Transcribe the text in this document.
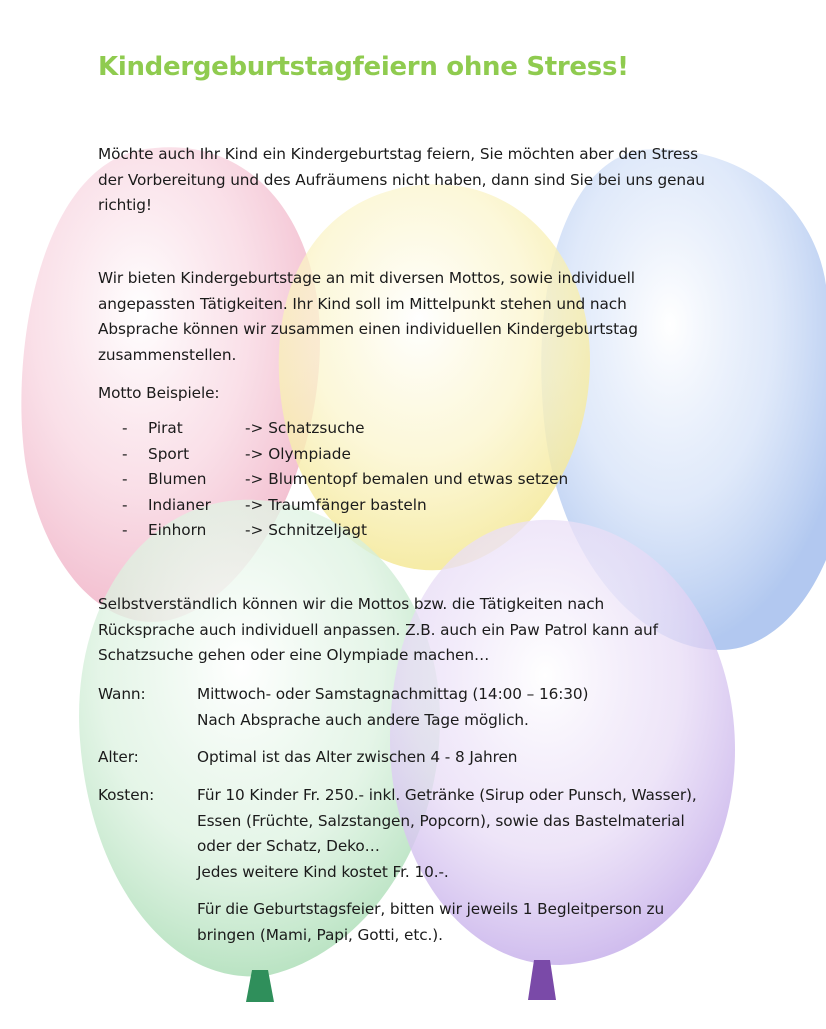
Kindergeburtstagfeiern ohne Stress!

Möchte auch Ihr Kind ein Kindergeburtstag feiern, Sie möchten aber den Stress
der Vorbereitung und des Aufräumens nicht haben, dann sind Sie bei uns genau
richtig!

Wir bieten Kindergeburtstage an mit diversen Mottos, sowie individuell
angepassten Tätigkeiten. Ihr Kind soll im Mittelpunkt stehen und nach
Absprache können wir zusammen einen individuellen Kindergeburtstag
zusammenstellen.

Motto Beispiele:

- Pirat	-> Schatzsuche
- Sport	-> Olympiade
- Blumen	-> Blumentopf bemalen und etwas setzen
- Indianer -> Traumfänger basteln
- Einhorn	-> Schnitzeljagt

Selbstverständlich können wir die Mottos bzw. die Tätigkeiten nach
Rücksprache auch individuell anpassen. Z.B. auch ein Paw Patrol kann auf
Schatzsuche gehen oder eine Olympiade machen…

Wann:	Mittwoch- oder Samstagnachmittag (14:00 – 16:30)
Nach Absprache auch andere Tage möglich.
Alter:	Optimal ist das Alter zwischen 4 - 8 Jahren
Kosten:	Für 10 Kinder Fr. 250.- inkl. Getränke (Sirup oder Punsch, Wasser),
Essen (Früchte, Salzstangen, Popcorn), sowie das Bastelmaterial
oder der Schatz, Deko…
Jedes weitere Kind kostet Fr. 10.-.
Für die Geburtstagsfeier, bitten wir jeweils 1 Begleitperson zu
bringen (Mami, Papi, Gotti, etc.).
